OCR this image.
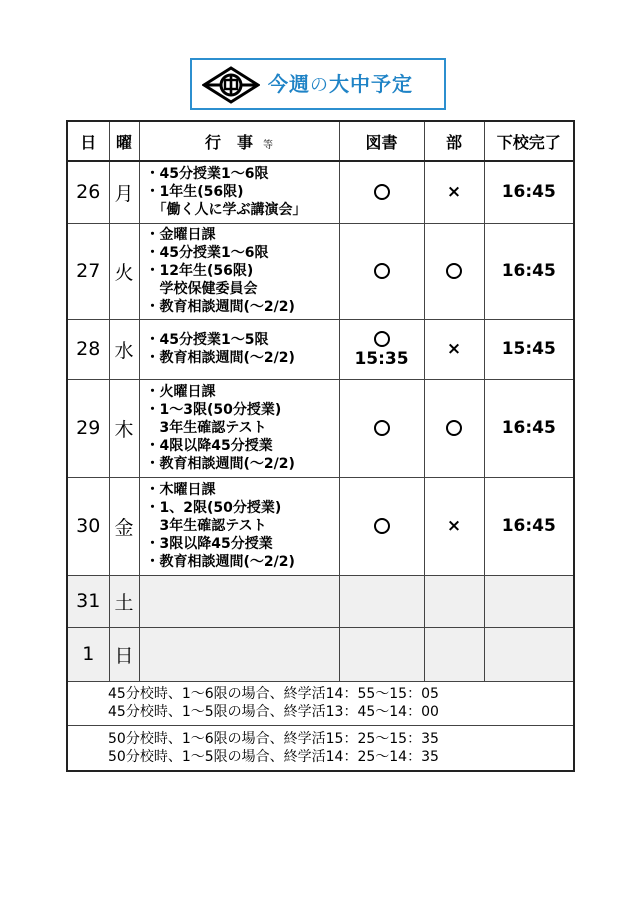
今週の大中予定
日	曜	行　事 等	図書	部	下校完了
26	月	・45分授業1～6限
・1年生(56限)
　「働く人に学ぶ講演会」		×	16:45
27	火	・金曜日課
・45分授業1～6限
・12年生(56限)
　学校保健委員会
・教育相談週間(～2/2)			16:45
28	水	・45分授業1～5限
・教育相談週間(～2/2)	15:35	×	15:45
29	木	・火曜日課
・1～3限(50分授業)
　3年生確認テスト
・4限以降45分授業
・教育相談週間(～2/2)			16:45
30	金	・木曜日課
・1、2限(50分授業)
　3年生確認テスト
・3限以降45分授業
・教育相談週間(～2/2)		×	16:45
31	土				
1	日				
45分校時、1～6限の場合、終学活14：55～15：05
45分校時、1～5限の場合、終学活13：45～14：00					
50分校時、1～6限の場合、終学活15：25～15：35
50分校時、1～5限の場合、終学活14：25～14：35					
